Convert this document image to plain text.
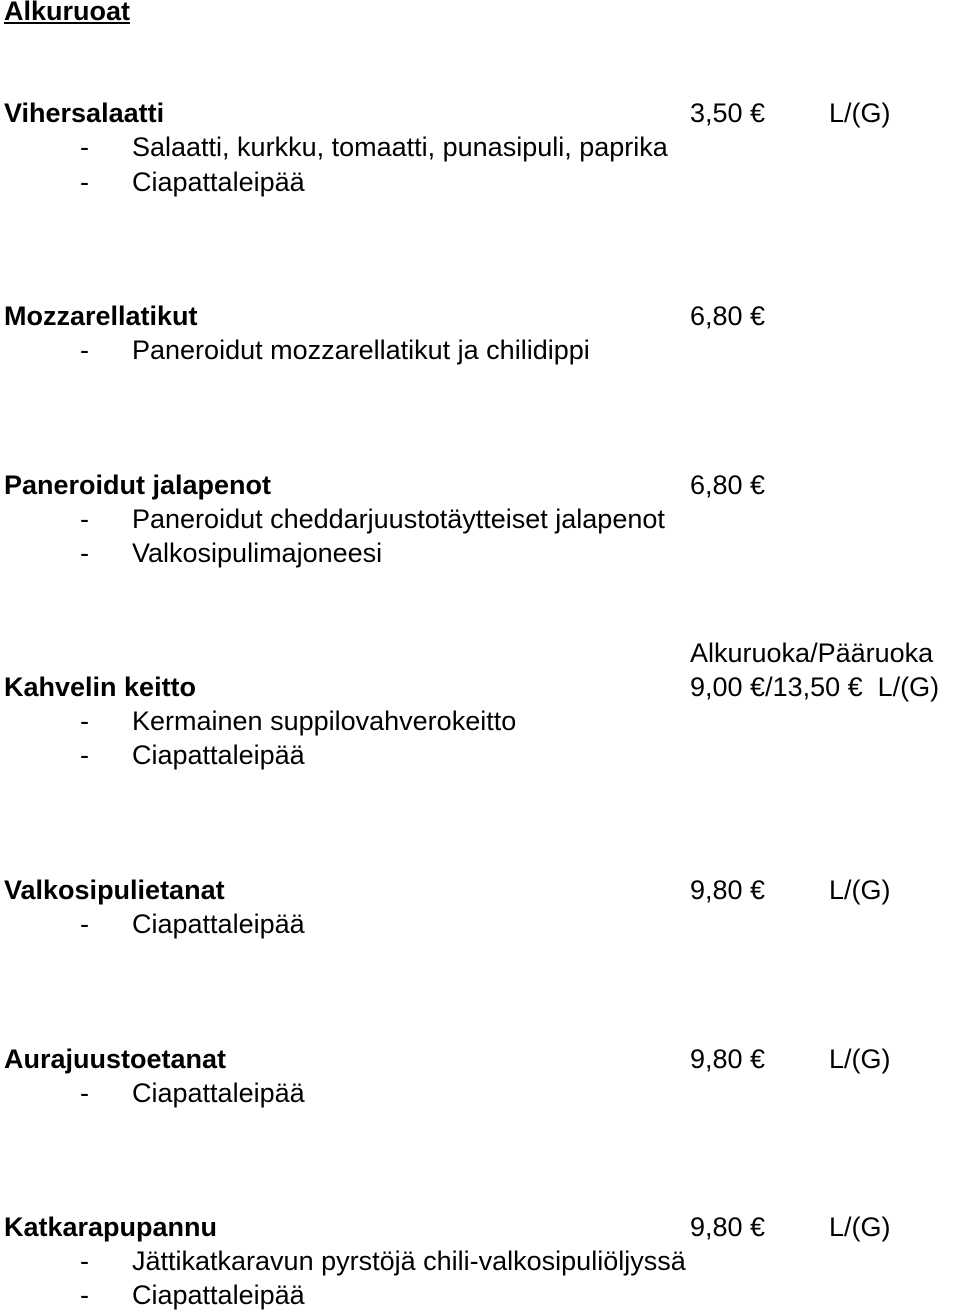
Alkuruoat
Vihersalaatti	3,50 € L/(G)
- Salaatti, kurkku, tomaatti, punasipuli, paprika
- Ciapattaleipää
Mozzarellatikut	6,80 €
- Paneroidut mozzarellatikut ja chilidippi
Paneroidut jalapenot	6,80 €
- Paneroidut cheddarjuustotäytteiset jalapenot
- Valkosipulimajoneesi
Alkuruoka/Pääruoka
Kahvelin keitto	9,00 €/13,50 €  L/(G)
- Kermainen suppilovahverokeitto
- Ciapattaleipää
Valkosipulietanat	9,80 € L/(G)
- Ciapattaleipää
Aurajuustoetanat	9,80 € L/(G)
- Ciapattaleipää
Katkarapupannu	9,80 € L/(G)
- Jättikatkaravun pyrstöjä chili-valkosipuliöljyssä
- Ciapattaleipää
